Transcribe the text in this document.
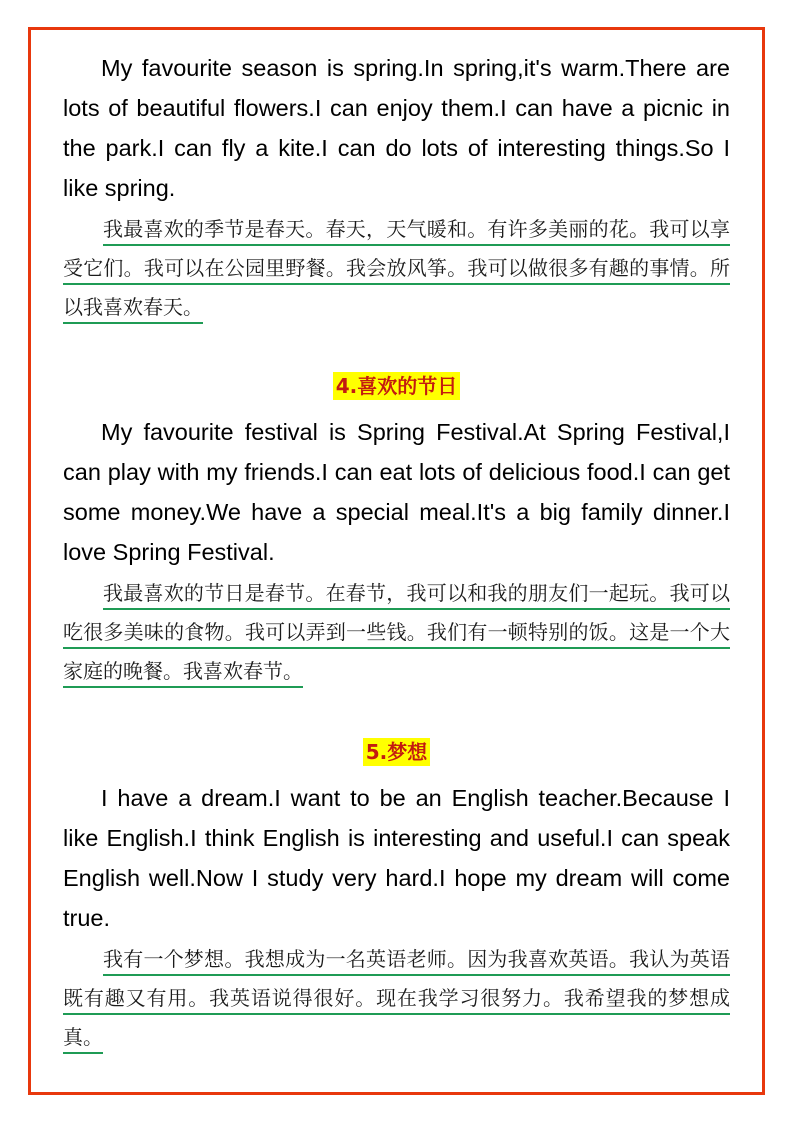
My favourite season is spring.In spring,it's warm.There are lots of beautiful flowers.I can enjoy them.I can have a picnic in the park.I can fly a kite.I can do lots of interesting things.So I like spring.

我最喜欢的季节是春天。春天，天气暖和。有许多美丽的花。我可以享受它们。我可以在公园里野餐。我会放风筝。我可以做很多有趣的事情。所以我喜欢春天。

4.喜欢的节日

My favourite festival is Spring Festival.At Spring Festival,I can play with my friends.I can eat lots of delicious food.I can get some money.We have a special meal.It's a big family dinner.I love Spring Festival.

我最喜欢的节日是春节。在春节，我可以和我的朋友们一起玩。我可以吃很多美味的食物。我可以弄到一些钱。我们有一顿特别的饭。这是一个大家庭的晚餐。我喜欢春节。

5.梦想

I have a dream.I want to be an English teacher.Because I like English.I think English is interesting and useful.I can speak English well.Now I study very hard.I hope my dream will come true.

我有一个梦想。我想成为一名英语老师。因为我喜欢英语。我认为英语既有趣又有用。我英语说得很好。现在我学习很努力。我希望我的梦想成真。
